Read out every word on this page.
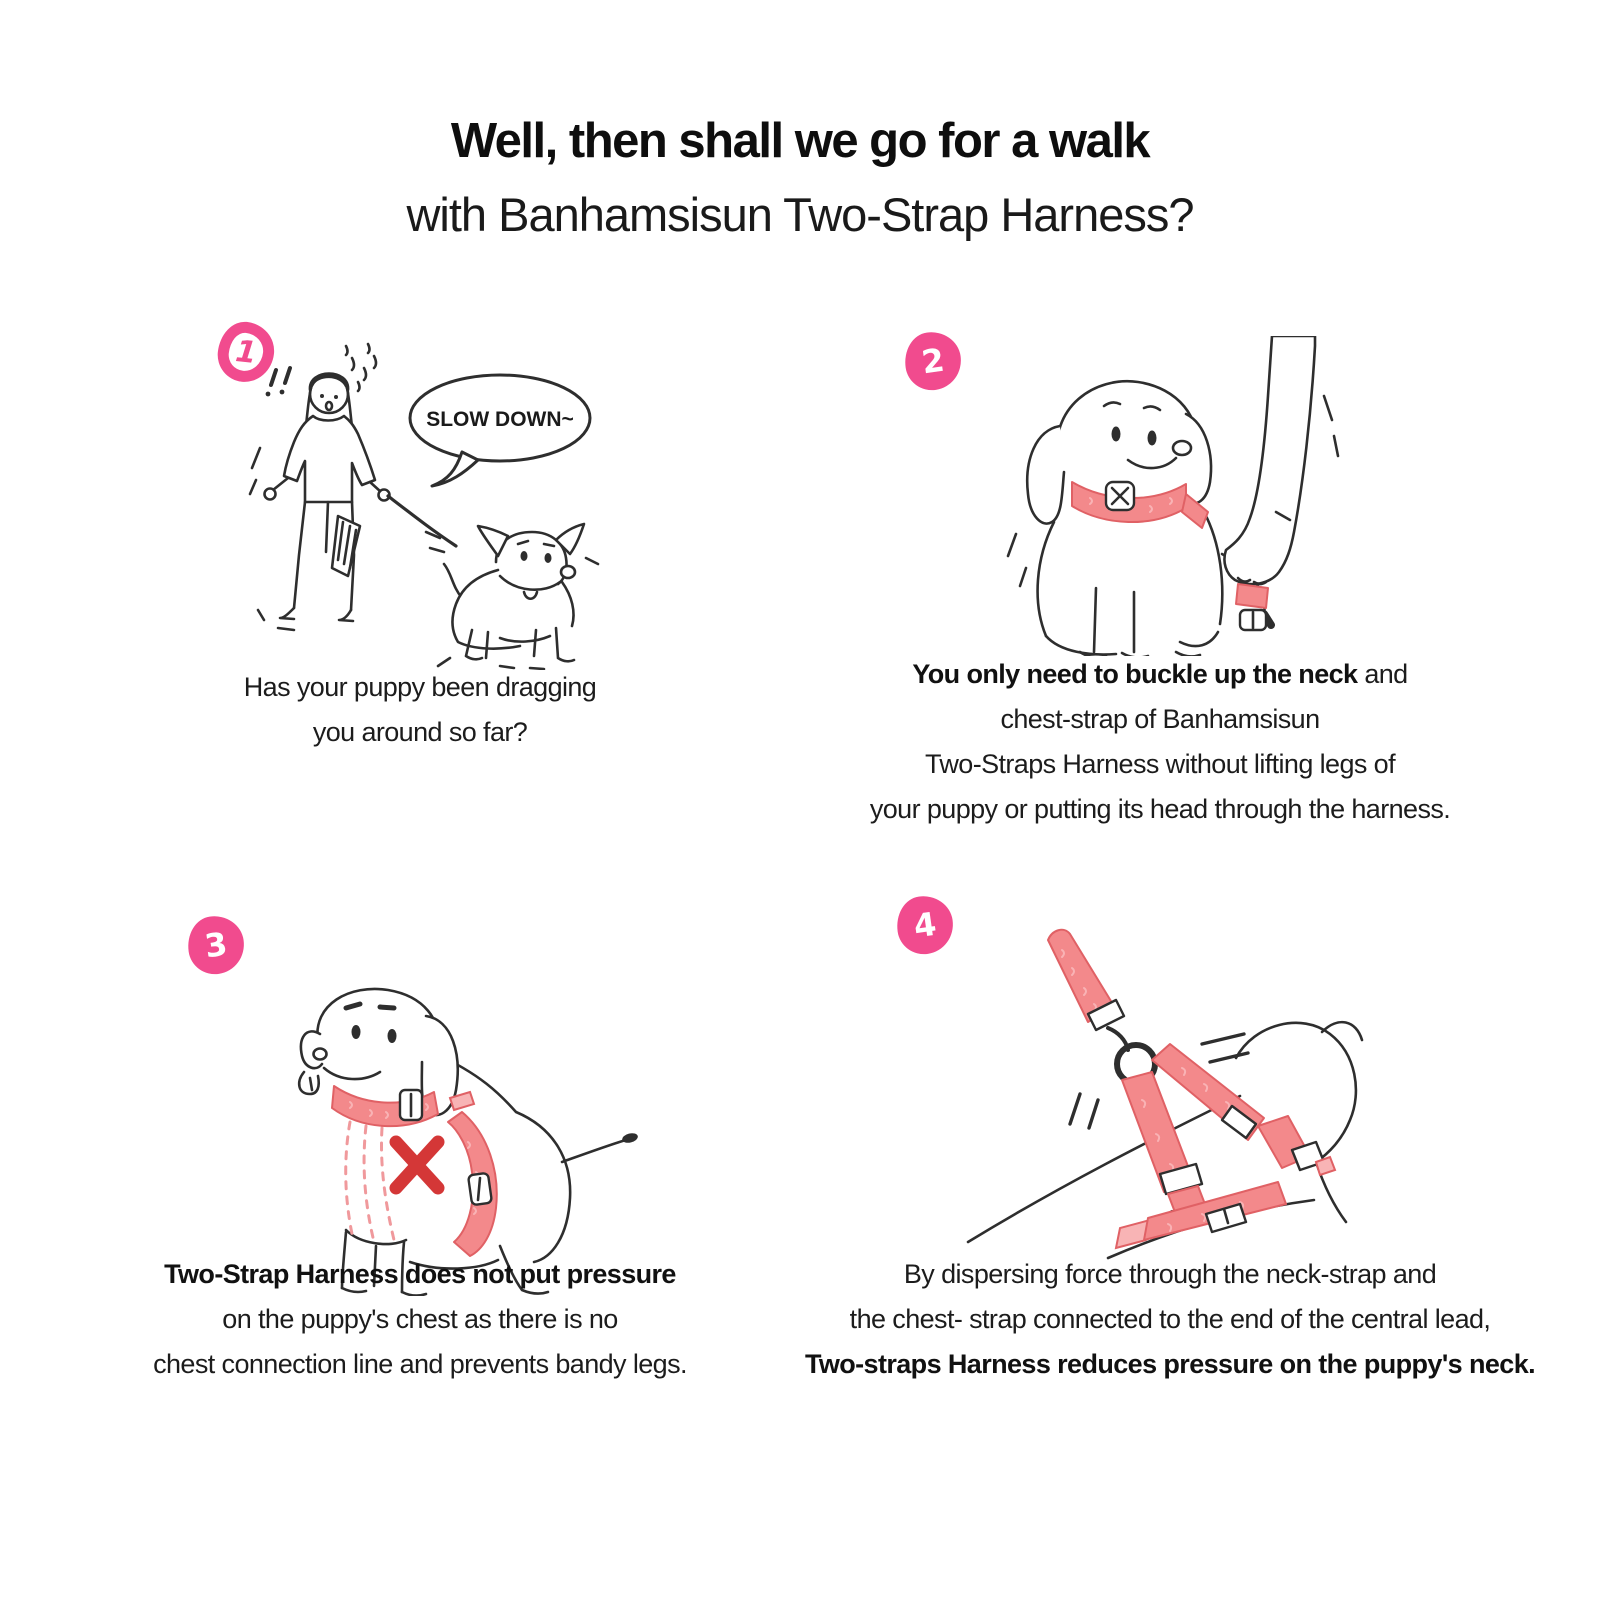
Well, then shall we go for a walk
with Banhamsisun Two-Strap Harness?
1
SLOW DOWN~
Has your puppy been dragging
you around so far?
2
You only need to buckle up the neck and
chest-strap of Banhamsisun
Two-Straps Harness without lifting legs of
your puppy or putting its head through the harness.
3
Two-Strap Harness does not put pressure
on the puppy's chest as there is no
chest connection line and prevents bandy legs.
4
By dispersing force through the neck-strap and
the chest- strap connected to the end of the central lead,
Two-straps Harness reduces pressure on the puppy's neck.
